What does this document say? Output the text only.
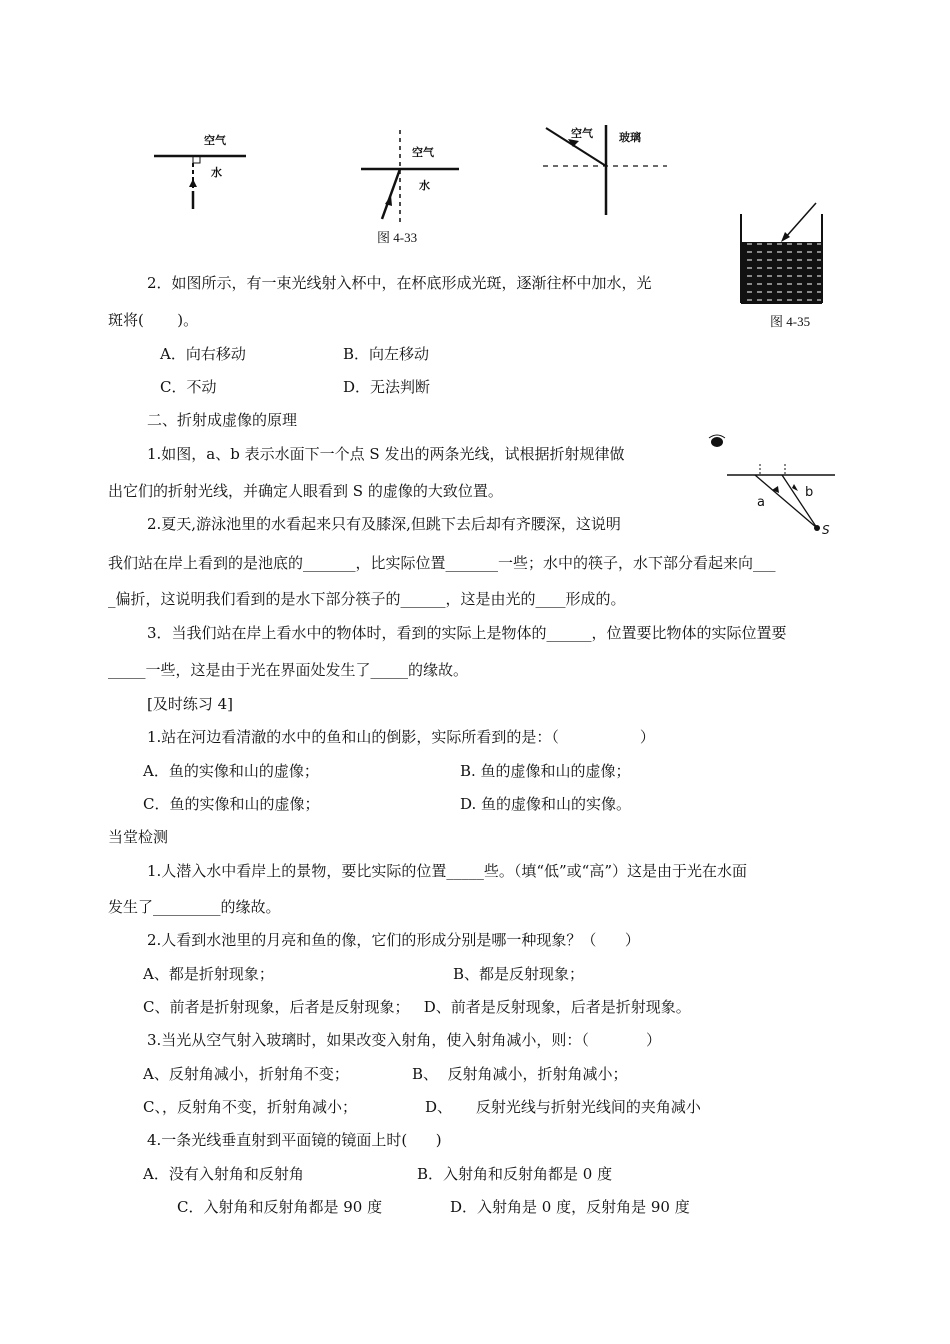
空气
水
空气
水
空气 玻璃
图 4-33
图 4-35
2．如图所示，有一束光线射入杯中，在杯底形成光斑，逐渐往杯中加水，光
斑将(       )。
A．向右移动	B．向左移动
C．不动	D．无法判断
二、折射成虚像的原理
1.如图，a、b 表示水面下一个点 S 发出的两条光线，试根据折射规律做
出它们的折射光线，并确定人眼看到 S 的虚像的大致位置。
a
b
S
2.夏天,游泳池里的水看起来只有及膝深,但跳下去后却有齐腰深，这说明
我们站在岸上看到的是池底的_______，比实际位置_______一些；水中的筷子，水下部分看起来向___
_偏折，这说明我们看到的是水下部分筷子的______，这是由光的____形成的。
3．当我们站在岸上看水中的物体时，看到的实际上是物体的______，位置要比物体的实际位置要
_____一些，这是由于光在界面处发生了_____的缘故。
[及时练习 4]
1.站在河边看清澈的水中的鱼和山的倒影，实际所看到的是：（                 ）
A．鱼的实像和山的虚像；	B. 鱼的虚像和山的虚像；
C．鱼的实像和山的虚像；	D. 鱼的虚像和山的实像。
当堂检测
1.人潜入水中看岸上的景物，要比实际的位置_____些。（填“低”或“高”）这是由于光在水面
发生了_________的缘故。
2.人看到水池里的月亮和鱼的像，它们的形成分别是哪一种现象？（      ）
A、都是折射现象；	B、都是反射现象；
C、前者是折射现象，后者是反射现象；   D、前者是反射现象，后者是折射现象。
3.当光从空气射入玻璃时，如果改变入射角，使入射角减小，则：（            ）
A、反射角减小，折射角不变；	B、  反射角减小，折射角减小；
C、，反射角不变，折射角减小；	D、     反射光线与折射光线间的夹角减小
4.一条光线垂直射到平面镜的镜面上时(      )
A．没有入射角和反射角	B．入射角和反射角都是 0 度
C．入射角和反射角都是 90 度	D．入射角是 0 度，反射角是 90 度
